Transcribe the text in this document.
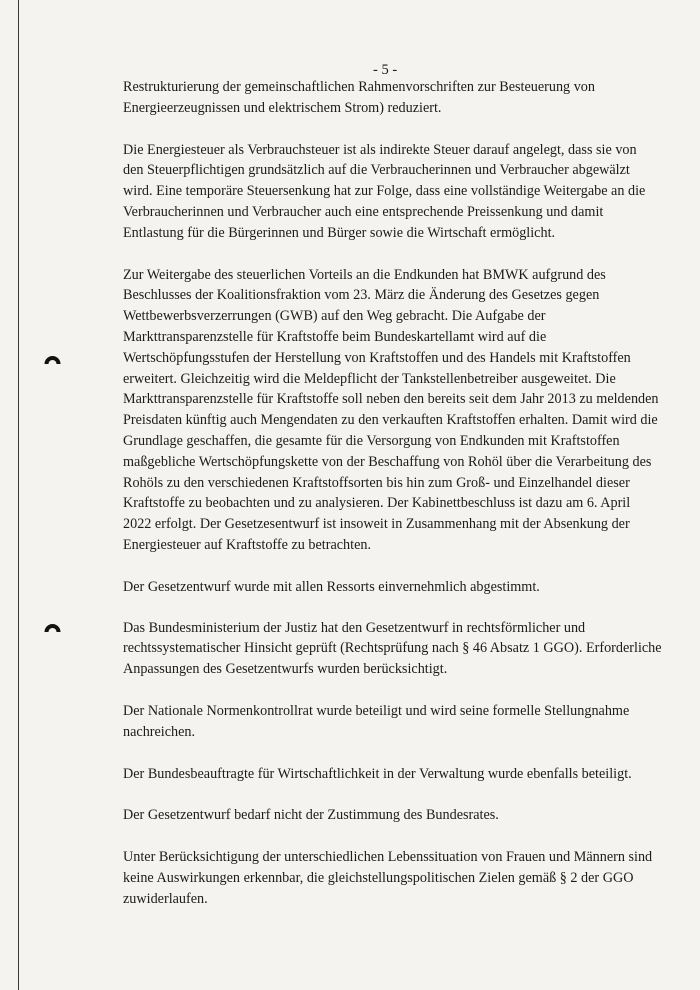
- 5 -

Restrukturierung der gemeinschaftlichen Rahmenvorschriften zur Besteuerung von
Energieerzeugnissen und elektrischem Strom) reduziert.

Die Energiesteuer als Verbrauchsteuer ist als indirekte Steuer darauf angelegt, dass sie von
den Steuerpflichtigen grundsätzlich auf die Verbraucherinnen und Verbraucher abgewälzt
wird. Eine temporäre Steuersenkung hat zur Folge, dass eine vollständige Weitergabe an die
Verbraucherinnen und Verbraucher auch eine entsprechende Preissenkung und damit
Entlastung für die Bürgerinnen und Bürger sowie die Wirtschaft ermöglicht.

Zur Weitergabe des steuerlichen Vorteils an die Endkunden hat BMWK aufgrund des
Beschlusses der Koalitionsfraktion vom 23. März die Änderung des Gesetzes gegen
Wettbewerbsverzerrungen (GWB) auf den Weg gebracht. Die Aufgabe der
Markttransparenzstelle für Kraftstoffe beim Bundeskartellamt wird auf die
Wertschöpfungsstufen der Herstellung von Kraftstoffen und des Handels mit Kraftstoffen
erweitert. Gleichzeitig wird die Meldepflicht der Tankstellenbetreiber ausgeweitet. Die
Markttransparenzstelle für Kraftstoffe soll neben den bereits seit dem Jahr 2013 zu meldenden
Preisdaten künftig auch Mengendaten zu den verkauften Kraftstoffen erhalten. Damit wird die
Grundlage geschaffen, die gesamte für die Versorgung von Endkunden mit Kraftstoffen
maßgebliche Wertschöpfungskette von der Beschaffung von Rohöl über die Verarbeitung des
Rohöls zu den verschiedenen Kraftstoffsorten bis hin zum Groß- und Einzelhandel dieser
Kraftstoffe zu beobachten und zu analysieren. Der Kabinettbeschluss ist dazu am 6. April
2022 erfolgt. Der Gesetzesentwurf ist insoweit in Zusammenhang mit der Absenkung der
Energiesteuer auf Kraftstoffe zu betrachten.

Der Gesetzentwurf wurde mit allen Ressorts einvernehmlich abgestimmt.

Das Bundesministerium der Justiz hat den Gesetzentwurf in rechtsförmlicher und
rechtssystematischer Hinsicht geprüft (Rechtsprüfung nach § 46 Absatz 1 GGO). Erforderliche
Anpassungen des Gesetzentwurfs wurden berücksichtigt.

Der Nationale Normenkontrollrat wurde beteiligt und wird seine formelle Stellungnahme
nachreichen.

Der Bundesbeauftragte für Wirtschaftlichkeit in der Verwaltung wurde ebenfalls beteiligt.

Der Gesetzentwurf bedarf nicht der Zustimmung des Bundesrates.

Unter Berücksichtigung der unterschiedlichen Lebenssituation von Frauen und Männern sind
keine Auswirkungen erkennbar, die gleichstellungspolitischen Zielen gemäß § 2 der GGO
zuwiderlaufen.
